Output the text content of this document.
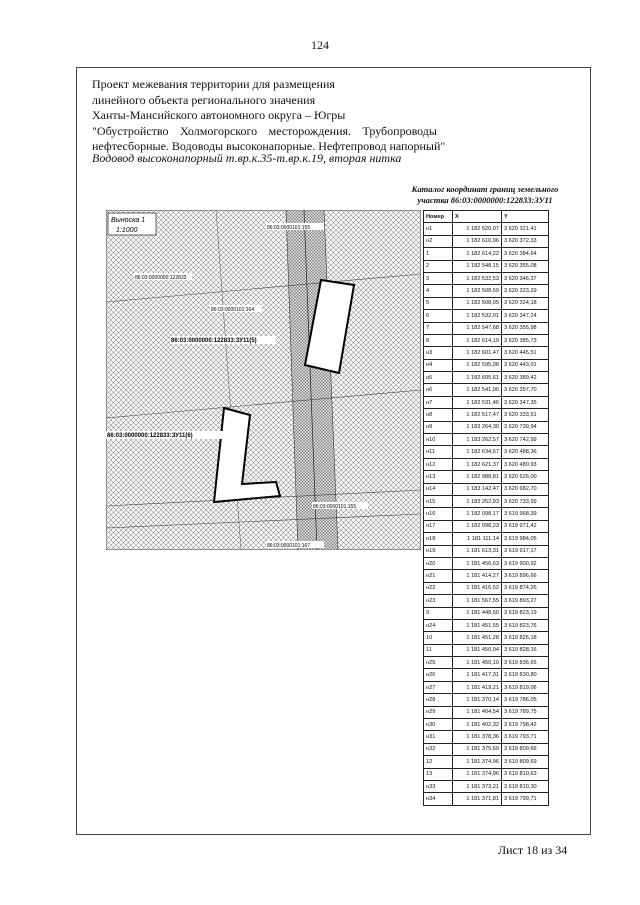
124
Проект межевания территории для размещения
линейного объекта регионального значения
Ханты-Мансийского автономного округа – Югры
"Обустройство Холмогорского месторождения. Трубопроводы
нефтесборные. Водоводы высоконапорные. Нефтепровод напорный"
Водовод высоконапорный т.вр.к.35-т.вр.к.19, вторая нитка
Каталог координат границ земельного
участка 86:03:0000000:122833:ЗУ11
Выноска 1
1:1000	86:03:0000101:155
86:03:0000000:122833
86:03:0000101:164
86:03:0000000:122833:ЗУ11(5)
86:03:0000000:122833:ЗУ11(6)
86:03:0000101:155
86:03:0000101:167
Номер	X	Y
н1	1 182 520,07	3 620 321,41
н2	1 182 616,96	3 620 372,33
1	1 182 614,22	3 620 384,64
2	1 182 548,15	3 620 355,08
3	1 182 532,53	3 620 346,37
4	1 182 508,59	3 620 323,29
5	1 182 508,05	3 620 324,18
6	1 182 532,01	3 620 347,24
7	1 182 547,68	3 620 355,98
8	1 182 614,19	3 620 385,73
н3	1 182 601,47	3 620 445,51
н4	1 182 595,08	3 620 443,01
н5	1 182 605,61	3 620 389,42
н6	1 182 541,90	3 620 357,70
н7	1 182 531,46	3 620 347,35
н8	1 182 517,47	3 620 333,51
н9	1 183 264,30	3 620 739,94
н10	1 183 262,57	3 620 742,99
н11	1 182 634,67	3 620 488,36
н12	1 182 621,37	3 620 480,93
н13	1 182 988,81	3 620 626,00
н14	1 183 142,47	3 620 682,70
н15	1 183 252,93	3 620 733,99
н16	1 182 098,17	3 619 968,39
н17	1 182 098,23	3 619 971,42
н18	1 181 111,14	3 619 984,05
н19	1 181 613,31	3 619 917,17
н20	1 181 456,63	3 619 900,92
н21	1 181 414,27	3 619 896,66
н22	1 181 416,52	3 619 874,26
н23	1 181 567,55	3 619 893,27
9	1 181 448,50	3 619 823,19
н24	1 181 451,55	3 619 823,76
10	1 181 451,28	3 619 826,18
11	1 181 450,94	3 619 828,16
н25	1 181 450,10	3 619 836,65
н26	1 181 417,31	3 619 830,80
н27	1 181 419,21	3 619 819,06
н28	1 181 370,14	3 619 786,05
н29	1 181 404,54	3 619 789,75
н30	1 181 402,32	3 619 798,42
н31	1 181 378,36	3 619 793,71
н32	1 181 375,69	3 619 809,66
12	1 181 374,96	3 619 809,69
13	1 181 374,96	3 619 810,63
н33	1 181 373,21	3 619 810,30
н34	1 181 371,81	3 619 799,71
Лист 18 из 34
